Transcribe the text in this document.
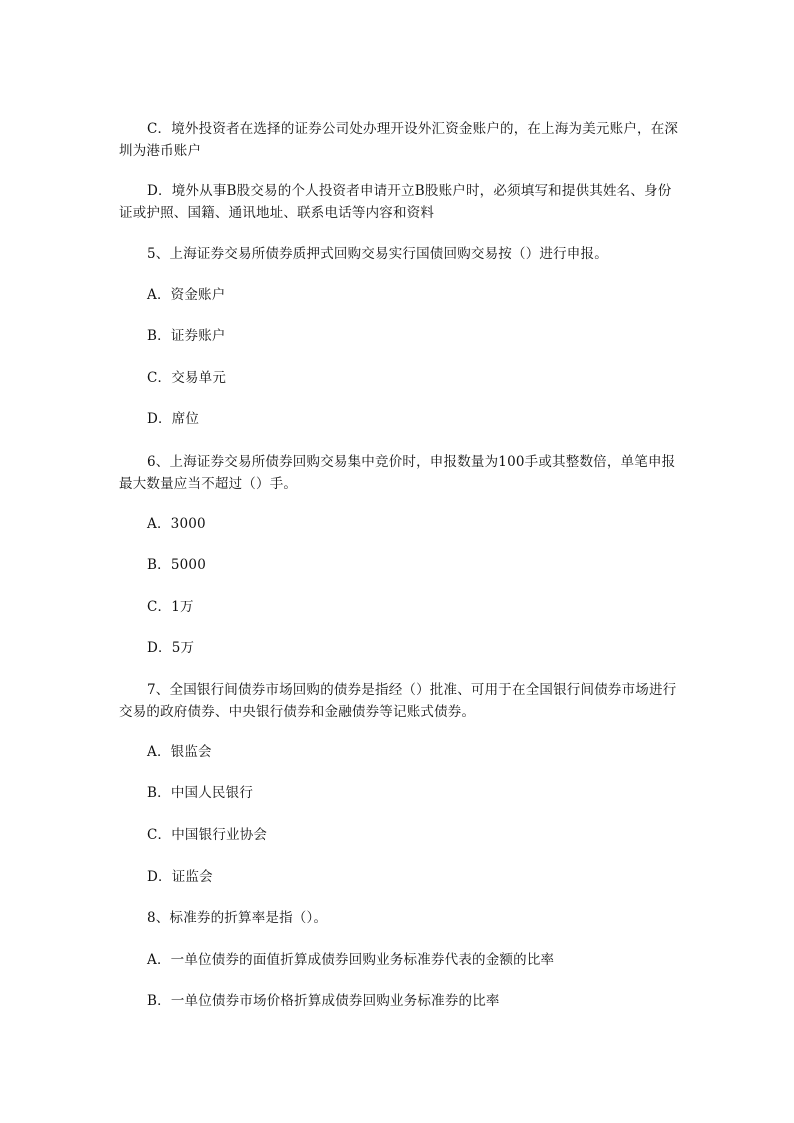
C．境外投资者在选择的证券公司处办理开设外汇资金账户的，在上海为美元账户，在深圳为港币账户

D．境外从事B股交易的个人投资者申请开立B股账户时，必须填写和提供其姓名、身份证或护照、国籍、通讯地址、联系电话等内容和资料

5、上海证券交易所债券质押式回购交易实行国债回购交易按（）进行申报。

A．资金账户

B．证券账户

C．交易单元

D．席位

6、上海证券交易所债券回购交易集中竞价时，申报数量为100手或其整数倍，单笔申报最大数量应当不超过（）手。

A．3000

B．5000

C．1万

D．5万

7、全国银行间债券市场回购的债券是指经（）批准、可用于在全国银行间债券市场进行交易的政府债券、中央银行债券和金融债券等记账式债券。

A．银监会

B．中国人民银行

C．中国银行业协会

D．证监会

8、标准券的折算率是指（）。

A．一单位债券的面值折算成债券回购业务标准券代表的金额的比率

B．一单位债券市场价格折算成债券回购业务标准券的比率
